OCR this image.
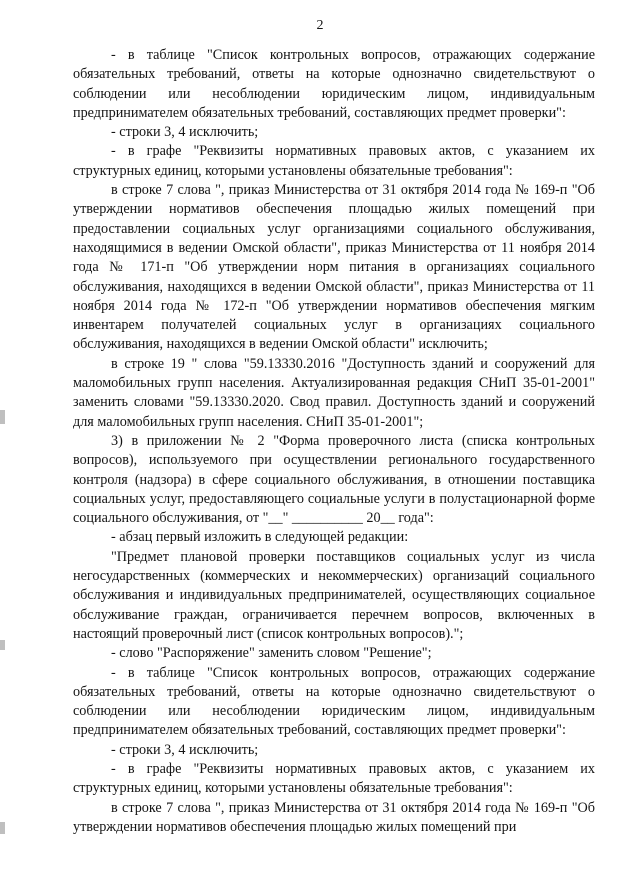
2

- в таблице "Список контрольных вопросов, отражающих содержание обязательных требований, ответы на которые однозначно свидетельствуют о соблюдении или несоблюдении юридическим лицом, индивидуальным предпринимателем обязательных требований, составляющих предмет проверки":

- строки 3, 4 исключить;

- в графе "Реквизиты нормативных правовых актов, с указанием их структурных единиц, которыми установлены обязательные требования":

в строке 7 слова ", приказ Министерства от 31 октября 2014 года № 169-п "Об утверждении нормативов обеспечения площадью жилых помещений при предоставлении социальных услуг организациями социального обслуживания, находящимися в ведении Омской области", приказ Министерства от 11 ноября 2014 года № 171-п "Об утверждении норм питания в организациях социального обслуживания, находящихся в ведении Омской области", приказ Министерства от 11 ноября 2014 года № 172-п "Об утверждении нормативов обеспечения мягким инвентарем получателей социальных услуг в организациях социального обслуживания, находящихся в ведении Омской области" исключить;

в строке 19 " слова "59.13330.2016 "Доступность зданий и сооружений для маломобильных групп населения. Актуализированная редакция СНиП 35-01-2001" заменить словами "59.13330.2020. Свод правил. Доступность зданий и сооружений для маломобильных групп населения. СНиП 35-01-2001";

3) в приложении № 2 "Форма проверочного листа (списка контрольных вопросов), используемого при осуществлении регионального государственного контроля (надзора) в сфере социального обслуживания, в отношении поставщика социальных услуг, предоставляющего социальные услуги в полустационарной форме социального обслуживания, от "__" __________ 20__ года":

- абзац первый изложить в следующей редакции:

"Предмет плановой проверки поставщиков социальных услуг из числа негосударственных (коммерческих и некоммерческих) организаций социального обслуживания и индивидуальных предпринимателей, осуществляющих социальное обслуживание граждан, ограничивается перечнем вопросов, включенных в настоящий проверочный лист (список контрольных вопросов).";

- слово "Распоряжение" заменить словом "Решение";

- в таблице "Список контрольных вопросов, отражающих содержание обязательных требований, ответы на которые однозначно свидетельствуют о соблюдении или несоблюдении юридическим лицом, индивидуальным предпринимателем обязательных требований, составляющих предмет проверки":

- строки 3, 4 исключить;

- в графе "Реквизиты нормативных правовых актов, с указанием их структурных единиц, которыми установлены обязательные требования":

в строке 7 слова ", приказ Министерства от 31 октября 2014 года № 169-п "Об утверждении нормативов обеспечения площадью жилых помещений при
